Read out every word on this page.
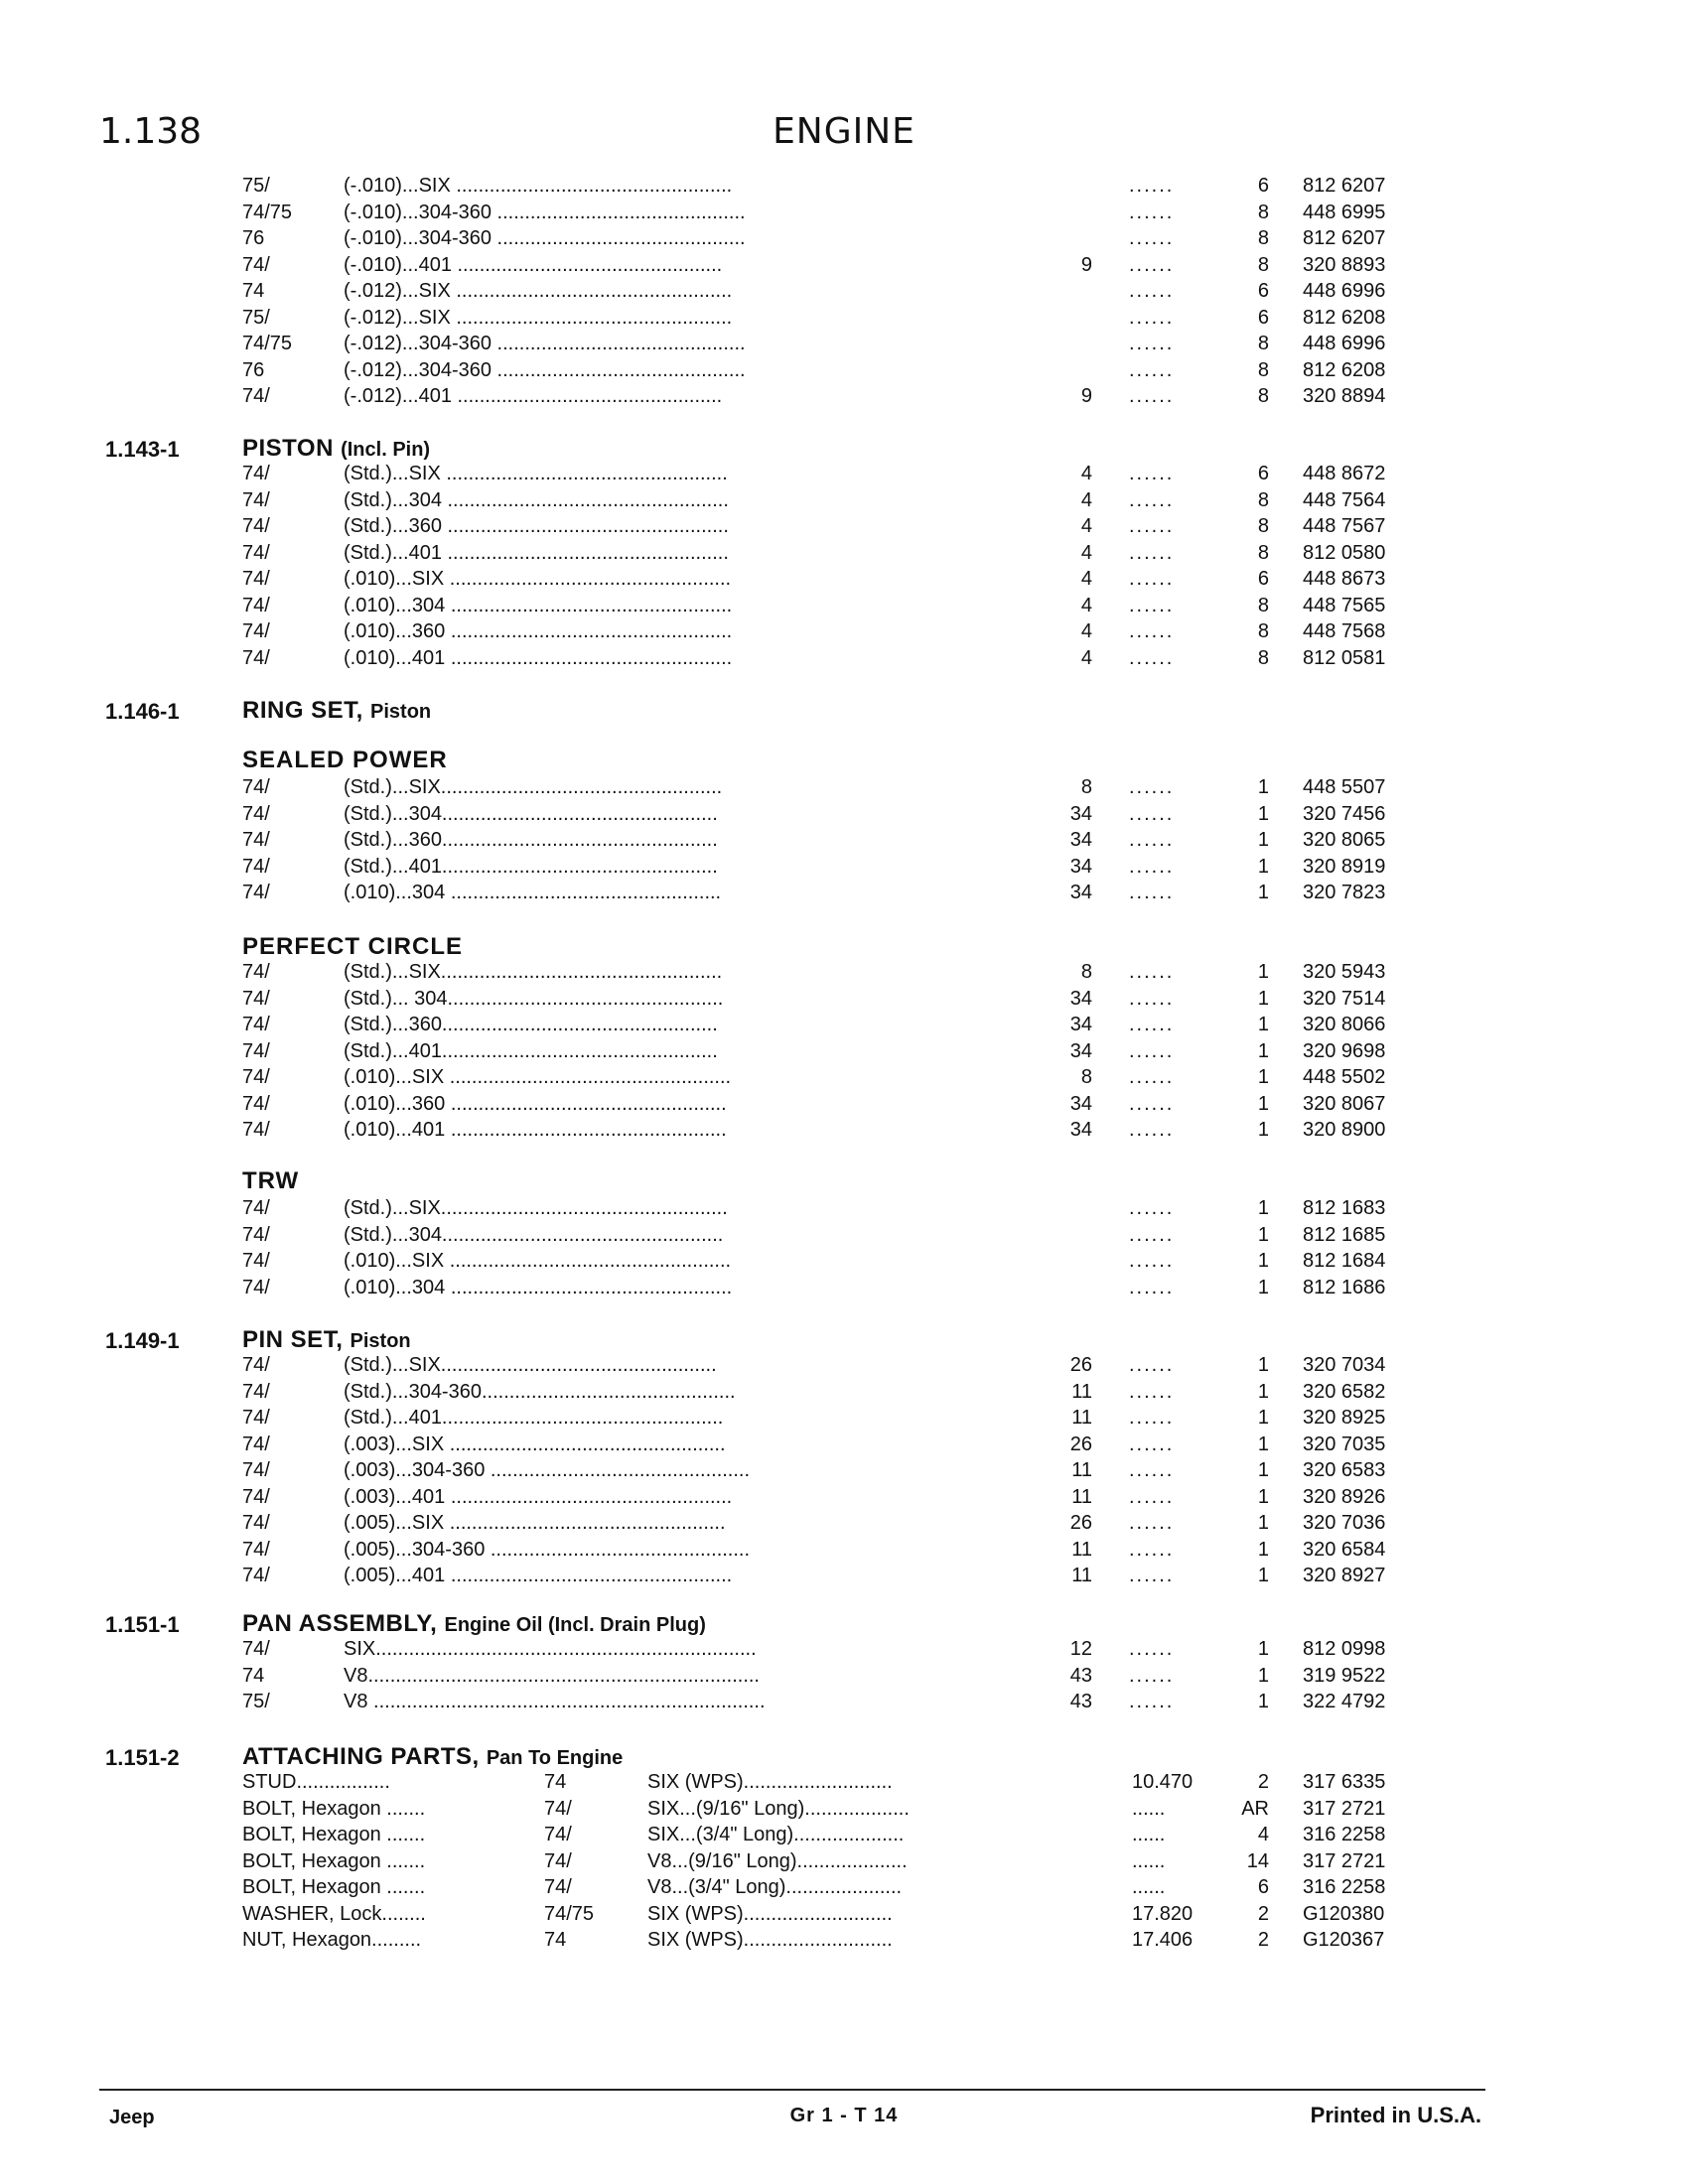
1.138	ENGINE
75/	(-.010)...SIX ..................................................	......	6 812 6207
74/75	(-.010)...304-360 .............................................	......	8 448 6995
76	(-.010)...304-360 .............................................	......	8 812 6207
74/	(-.010)...401 ................................................	9 ......	8 320 8893
74	(-.012)...SIX ..................................................	......	6 448 6996
75/	(-.012)...SIX ..................................................	......	6 812 6208
74/75	(-.012)...304-360 .............................................	......	8 448 6996
76	(-.012)...304-360 .............................................	......	8 812 6208
74/	(-.012)...401 ................................................	9 ......	8 320 8894
1.143-1	PISTON (Incl. Pin)
74/	(Std.)...SIX ...................................................	4 ......	6 448 8672
74/	(Std.)...304 ...................................................	4 ......	8 448 7564
74/	(Std.)...360 ...................................................	4 ......	8 448 7567
74/	(Std.)...401 ...................................................	4 ......	8 812 0580
74/	(.010)...SIX ...................................................	4 ......	6 448 8673
74/	(.010)...304 ...................................................	4 ......	8 448 7565
74/	(.010)...360 ...................................................	4 ......	8 448 7568
74/	(.010)...401 ...................................................	4 ......	8 812 0581
1.146-1	RING SET, Piston
SEALED POWER
74/	(Std.)...SIX...................................................	8 ......	1 448 5507
74/	(Std.)...304..................................................	34 ......	1 320 7456
74/	(Std.)...360..................................................	34 ......	1 320 8065
74/	(Std.)...401..................................................	34 ......	1 320 8919
74/	(.010)...304 .................................................	34 ......	1 320 7823
PERFECT CIRCLE
74/	(Std.)...SIX...................................................	8 ......	1 320 5943
74/	(Std.)... 304..................................................	34 ......	1 320 7514
74/	(Std.)...360..................................................	34 ......	1 320 8066
74/	(Std.)...401..................................................	34 ......	1 320 9698
74/	(.010)...SIX ...................................................	8 ......	1 448 5502
74/	(.010)...360 ..................................................	34 ......	1 320 8067
74/	(.010)...401 ..................................................	34 ......	1 320 8900
TRW
74/	(Std.)...SIX....................................................	......	1 812 1683
74/	(Std.)...304...................................................	......	1 812 1685
74/	(.010)...SIX ...................................................	......	1 812 1684
74/	(.010)...304 ...................................................	......	1 812 1686
1.149-1	PIN SET, Piston
74/	(Std.)...SIX..................................................	26 ......	1 320 7034
74/	(Std.)...304-360..............................................	11 ......	1 320 6582
74/	(Std.)...401...................................................	11 ......	1 320 8925
74/	(.003)...SIX ..................................................	26 ......	1 320 7035
74/	(.003)...304-360 ...............................................	11 ......	1 320 6583
74/	(.003)...401 ...................................................	11 ......	1 320 8926
74/	(.005)...SIX ..................................................	26 ......	1 320 7036
74/	(.005)...304-360 ...............................................	11 ......	1 320 6584
74/	(.005)...401 ...................................................	11 ......	1 320 8927
1.151-1	PAN ASSEMBLY, Engine Oil (Incl. Drain Plug)
74/	SIX.....................................................................	12 ......	1 812 0998
74	V8.......................................................................	43 ......	1 319 9522
75/	V8 .......................................................................	43 ......	1 322 4792
1.151-2	ATTACHING PARTS, Pan To Engine
STUD.................	74	SIX (WPS)...........................	10.470	2 317 6335
BOLT, Hexagon .......	74/	SIX...(9/16" Long)...................	......	AR 317 2721
BOLT, Hexagon .......	74/	SIX...(3/4" Long)....................	......	4 316 2258
BOLT, Hexagon .......	74/	V8...(9/16" Long)....................	......	14 317 2721
BOLT, Hexagon .......	74/	V8...(3/4" Long).....................	......	6 316 2258
WASHER, Lock........	74/75	SIX (WPS)...........................	17.820	2 G120380
NUT, Hexagon.........	74	SIX (WPS)...........................	17.406	2 G120367
Jeep	Gr 1 - T 14	Printed in U.S.A.
